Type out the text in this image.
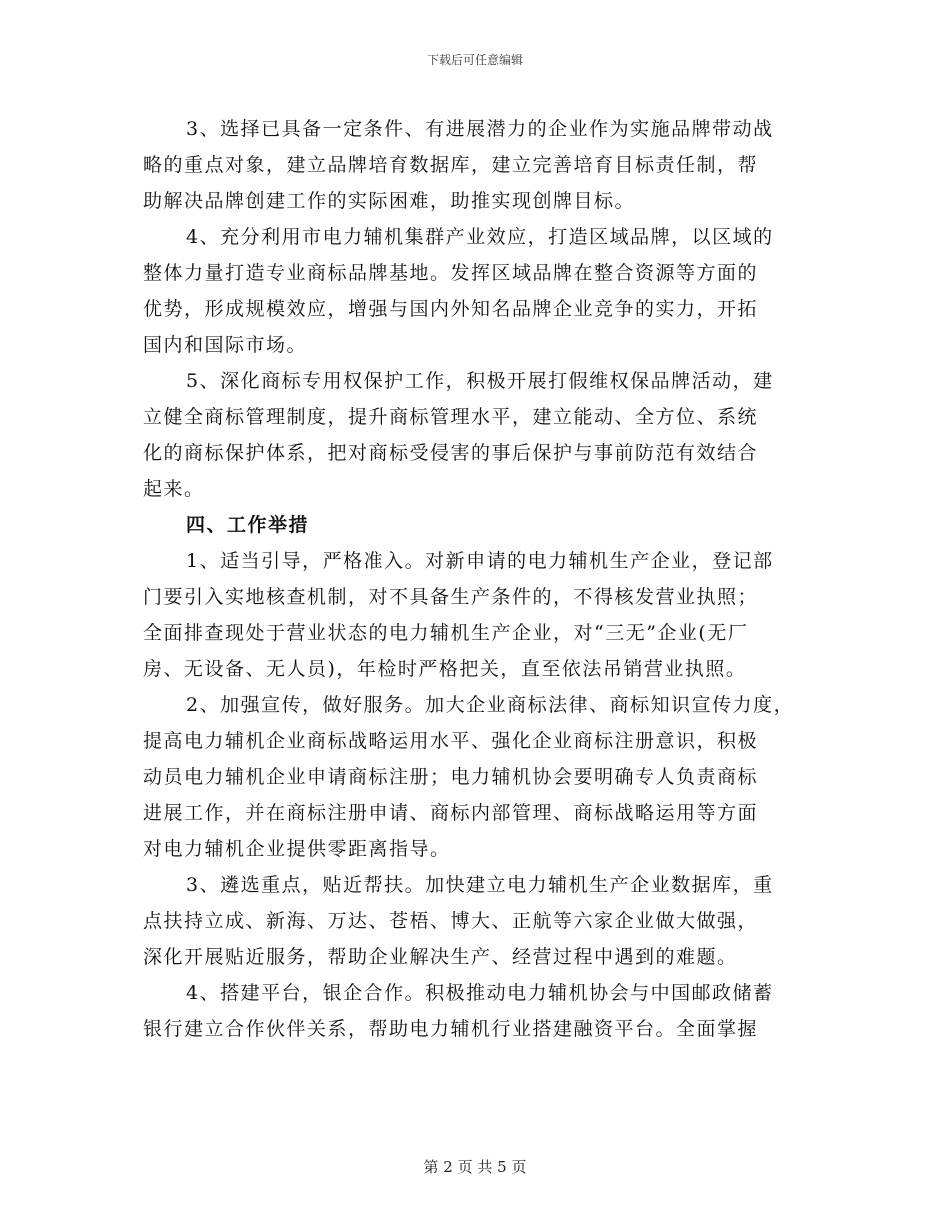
下载后可任意编辑
3、选择已具备一定条件、有进展潜力的企业作为实施品牌带动战
略的重点对象，建立品牌培育数据库，建立完善培育目标责任制，帮
助解决品牌创建工作的实际困难，助推实现创牌目标。
4、充分利用市电力辅机集群产业效应，打造区域品牌，以区域的
整体力量打造专业商标品牌基地。发挥区域品牌在整合资源等方面的
优势，形成规模效应，增强与国内外知名品牌企业竞争的实力，开拓
国内和国际市场。
5、深化商标专用权保护工作，积极开展打假维权保品牌活动，建
立健全商标管理制度，提升商标管理水平，建立能动、全方位、系统
化的商标保护体系，把对商标受侵害的事后保护与事前防范有效结合
起来。
四、工作举措
1、适当引导，严格准入。对新申请的电力辅机生产企业，登记部
门要引入实地核查机制，对不具备生产条件的，不得核发营业执照；
全面排查现处于营业状态的电力辅机生产企业，对“三无”企业(无厂
房、无设备、无人员)，年检时严格把关，直至依法吊销营业执照。
2、加强宣传，做好服务。加大企业商标法律、商标知识宣传力度，
提高电力辅机企业商标战略运用水平、强化企业商标注册意识，积极
动员电力辅机企业申请商标注册；电力辅机协会要明确专人负责商标
进展工作，并在商标注册申请、商标内部管理、商标战略运用等方面
对电力辅机企业提供零距离指导。
3、遴选重点，贴近帮扶。加快建立电力辅机生产企业数据库，重
点扶持立成、新海、万达、苍梧、博大、正航等六家企业做大做强，
深化开展贴近服务，帮助企业解决生产、经营过程中遇到的难题。
4、搭建平台，银企合作。积极推动电力辅机协会与中国邮政储蓄
银行建立合作伙伴关系，帮助电力辅机行业搭建融资平台。全面掌握
第 2 页 共 5 页
